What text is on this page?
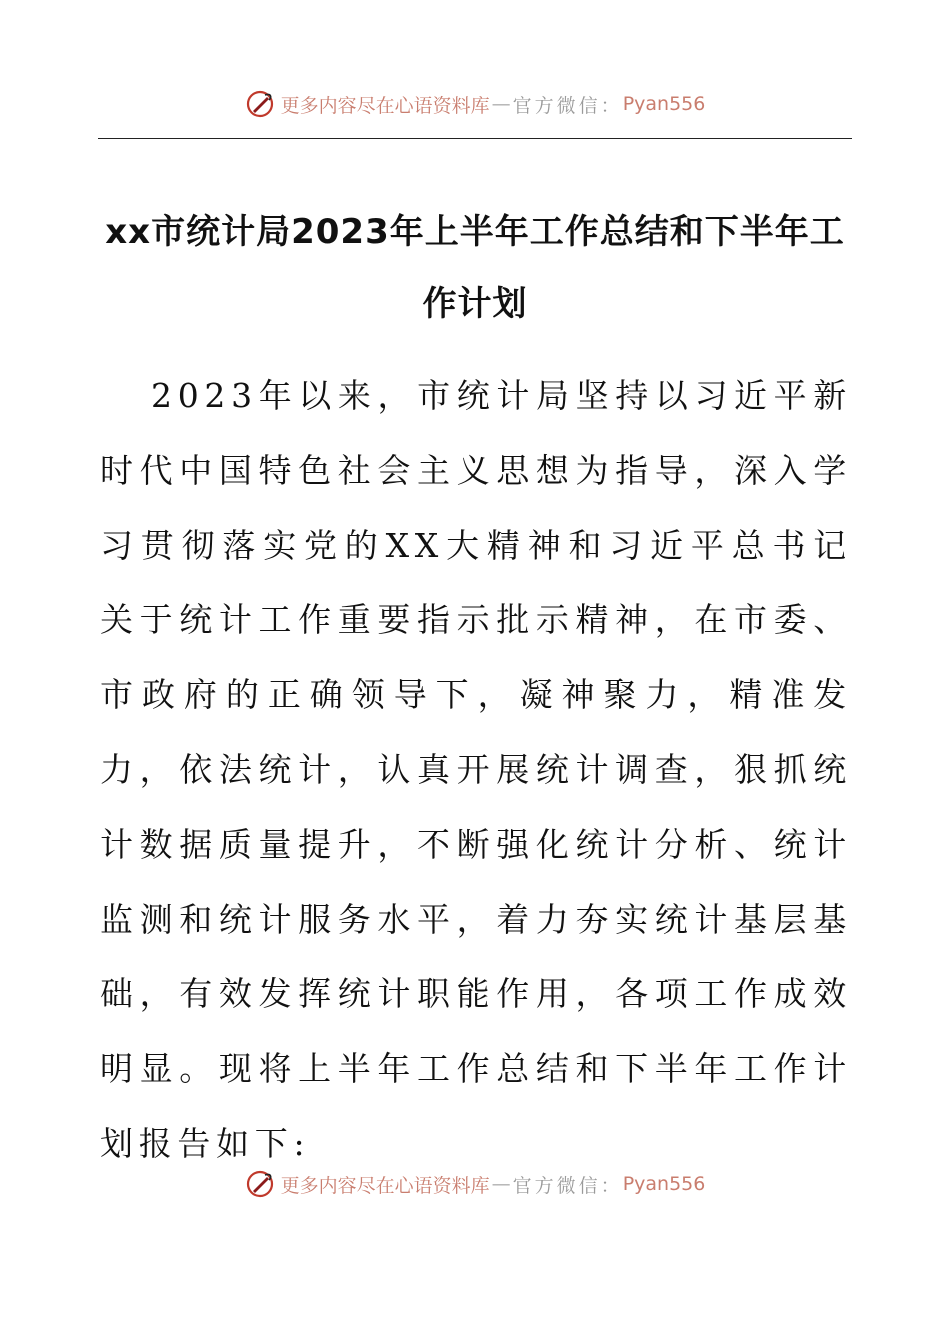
更多内容尽在心语资料库 — 官方微信： Pyan556
xx市统计局2023年上半年工作总结和下半年工作计划

2023年以来，市统计局坚持以习近平新时代中国特色社会主义思想为指导，深入学习贯彻落实党的XX大精神和习近平总书记关于统计工作重要指示批示精神，在市委、市政府的正确领导下，凝神聚力，精准发力，依法统计，认真开展统计调查，狠抓统计数据质量提升，不断强化统计分析、统计监测和统计服务水平，着力夯实统计基层基础，有效发挥统计职能作用，各项工作成效明显。现将上半年工作总结和下半年工作计划报告如下:

更多内容尽在心语资料库 — 官方微信： Pyan556
